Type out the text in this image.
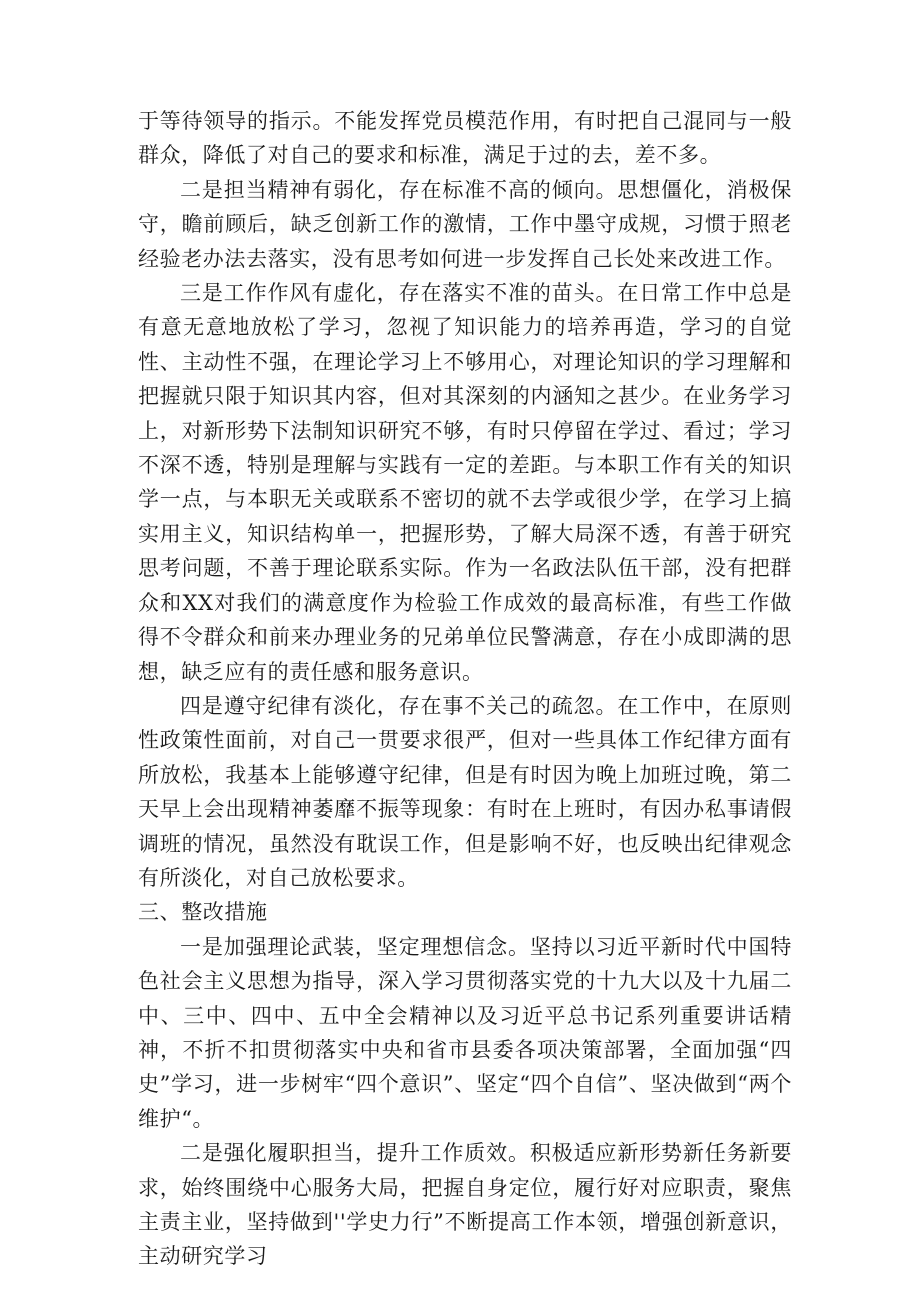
于等待领导的指示。不能发挥党员模范作用，有时把自己混同与一般群众，降低了对自己的要求和标准，满足于过的去，差不多。

二是担当精神有弱化，存在标准不高的倾向。思想僵化，消极保守，瞻前顾后，缺乏创新工作的激情，工作中墨守成规，习惯于照老经验老办法去落实，没有思考如何进一步发挥自己长处来改进工作。

三是工作作风有虚化，存在落实不准的苗头。在日常工作中总是有意无意地放松了学习，忽视了知识能力的培养再造，学习的自觉性、主动性不强，在理论学习上不够用心，对理论知识的学习理解和把握就只限于知识其内容，但对其深刻的内涵知之甚少。在业务学习上，对新形势下法制知识研究不够，有时只停留在学过、看过；学习不深不透，特别是理解与实践有一定的差距。与本职工作有关的知识学一点，与本职无关或联系不密切的就不去学或很少学，在学习上搞实用主义，知识结构单一，把握形势，了解大局深不透，有善于研究思考问题，不善于理论联系实际。作为一名政法队伍干部，没有把群众和XX对我们的满意度作为检验工作成效的最高标准，有些工作做得不令群众和前来办理业务的兄弟单位民警满意，存在小成即满的思想，缺乏应有的责任感和服务意识。

四是遵守纪律有淡化，存在事不关己的疏忽。在工作中，在原则性政策性面前，对自己一贯要求很严，但对一些具体工作纪律方面有所放松，我基本上能够遵守纪律，但是有时因为晚上加班过晚，第二天早上会出现精神萎靡不振等现象：有时在上班时，有因办私事请假调班的情况，虽然没有耽误工作，但是影响不好，也反映出纪律观念有所淡化，对自己放松要求。

三、整改措施

一是加强理论武装，坚定理想信念。坚持以习近平新时代中国特色社会主义思想为指导，深入学习贯彻落实党的十九大以及十九届二中、三中、四中、五中全会精神以及习近平总书记系列重要讲话精神，不折不扣贯彻落实中央和省市县委各项决策部署，全面加强“四史”学习，进一步树牢“四个意识”、坚定“四个自信”、坚决做到“两个维护“。

二是强化履职担当，提升工作质效。积极适应新形势新任务新要求，始终围绕中心服务大局，把握自身定位，履行好对应职责，聚焦主责主业，坚持做到''学史力行”不断提高工作本领，增强创新意识，主动研究学习
